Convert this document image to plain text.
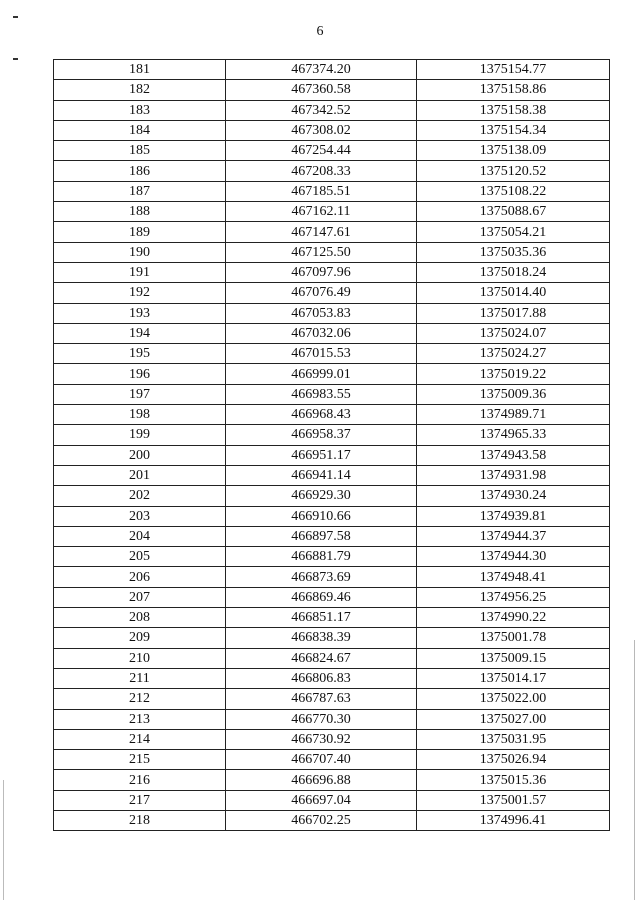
6
181	467374.20	1375154.77
182	467360.58	1375158.86
183	467342.52	1375158.38
184	467308.02	1375154.34
185	467254.44	1375138.09
186	467208.33	1375120.52
187	467185.51	1375108.22
188	467162.11	1375088.67
189	467147.61	1375054.21
190	467125.50	1375035.36
191	467097.96	1375018.24
192	467076.49	1375014.40
193	467053.83	1375017.88
194	467032.06	1375024.07
195	467015.53	1375024.27
196	466999.01	1375019.22
197	466983.55	1375009.36
198	466968.43	1374989.71
199	466958.37	1374965.33
200	466951.17	1374943.58
201	466941.14	1374931.98
202	466929.30	1374930.24
203	466910.66	1374939.81
204	466897.58	1374944.37
205	466881.79	1374944.30
206	466873.69	1374948.41
207	466869.46	1374956.25
208	466851.17	1374990.22
209	466838.39	1375001.78
210	466824.67	1375009.15
211	466806.83	1375014.17
212	466787.63	1375022.00
213	466770.30	1375027.00
214	466730.92	1375031.95
215	466707.40	1375026.94
216	466696.88	1375015.36
217	466697.04	1375001.57
218	466702.25	1374996.41
